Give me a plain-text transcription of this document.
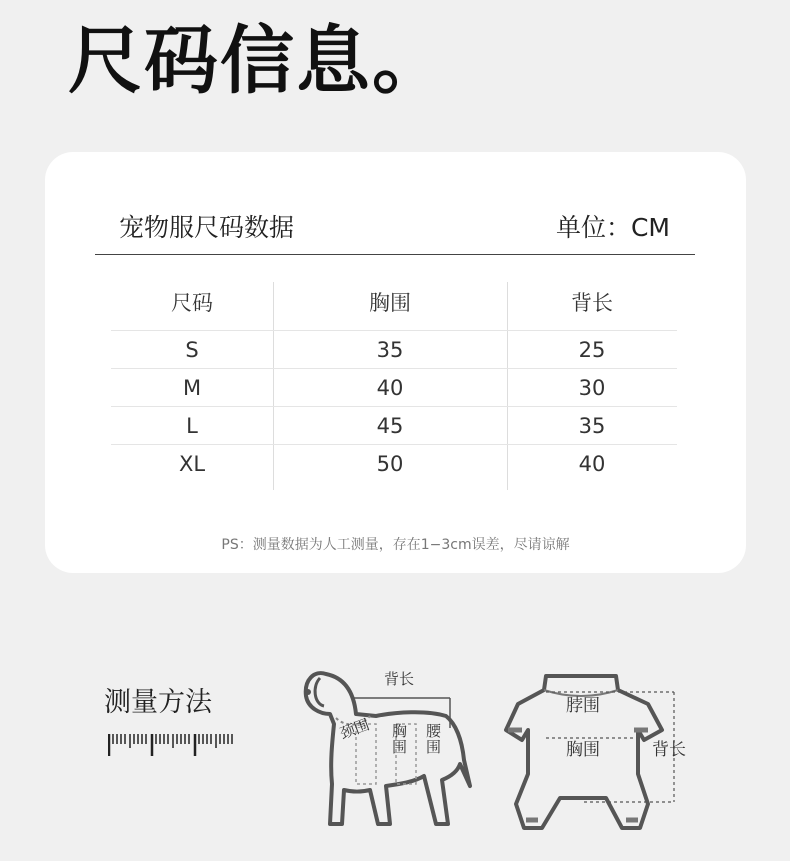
尺码信息。
宠物服尺码数据	单位：CM
尺码	胸围	背长
S	35	25
M	40	30
L	45	35
XL	50	40
PS：测量数据为人工测量，存在1−3cm误差，尽请谅解
测量方法
背长
颈围 胸
围
腰
围
脖围
胸围	背长
